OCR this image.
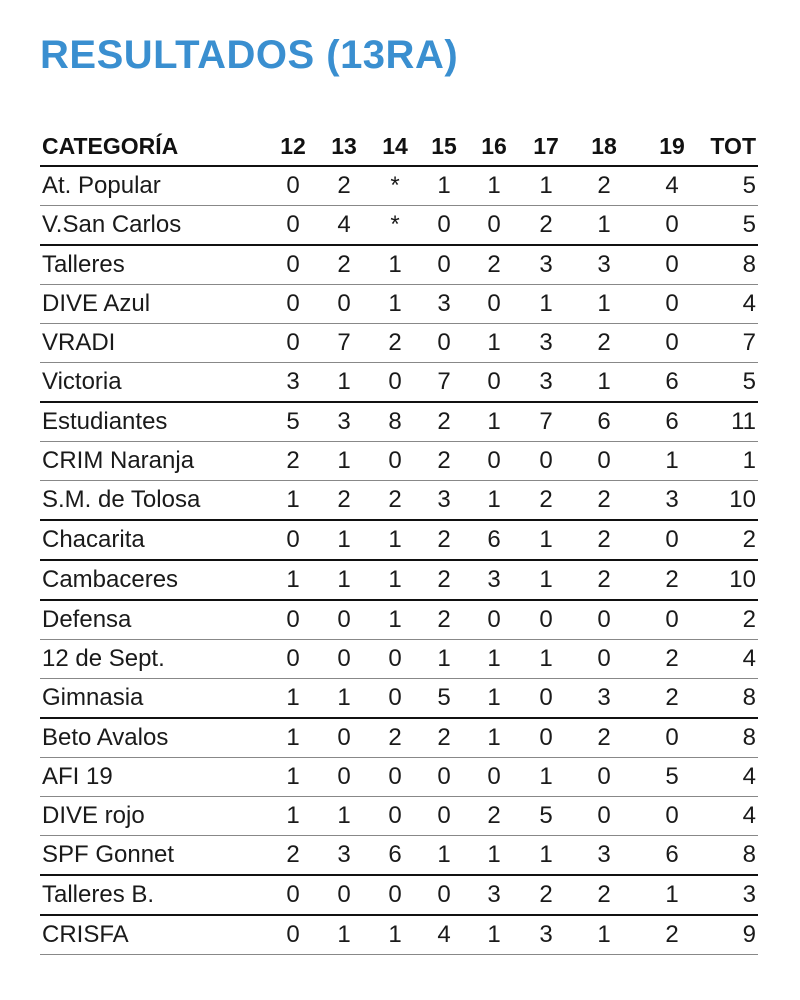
RESULTADOS (13RA)
CATEGORÍA	12	13	14	15	16	17	18	19	TOT
At. Popular	0	2	*	1	1	1	2	4	5
V.San Carlos	0	4	*	0	0	2	1	0	5
Talleres	0	2	1	0	2	3	3	0	8
DIVE Azul	0	0	1	3	0	1	1	0	4
VRADI	0	7	2	0	1	3	2	0	7
Victoria	3	1	0	7	0	3	1	6	5
Estudiantes	5	3	8	2	1	7	6	6	11
CRIM Naranja	2	1	0	2	0	0	0	1	1
S.M. de Tolosa	1	2	2	3	1	2	2	3	10
Chacarita	0	1	1	2	6	1	2	0	2
Cambaceres	1	1	1	2	3	1	2	2	10
Defensa	0	0	1	2	0	0	0	0	2
12 de Sept.	0	0	0	1	1	1	0	2	4
Gimnasia	1	1	0	5	1	0	3	2	8
Beto Avalos	1	0	2	2	1	0	2	0	8
AFI 19	1	0	0	0	0	1	0	5	4
DIVE rojo	1	1	0	0	2	5	0	0	4
SPF Gonnet	2	3	6	1	1	1	3	6	8
Talleres B.	0	0	0	0	3	2	2	1	3
CRISFA	0	1	1	4	1	3	1	2	9
